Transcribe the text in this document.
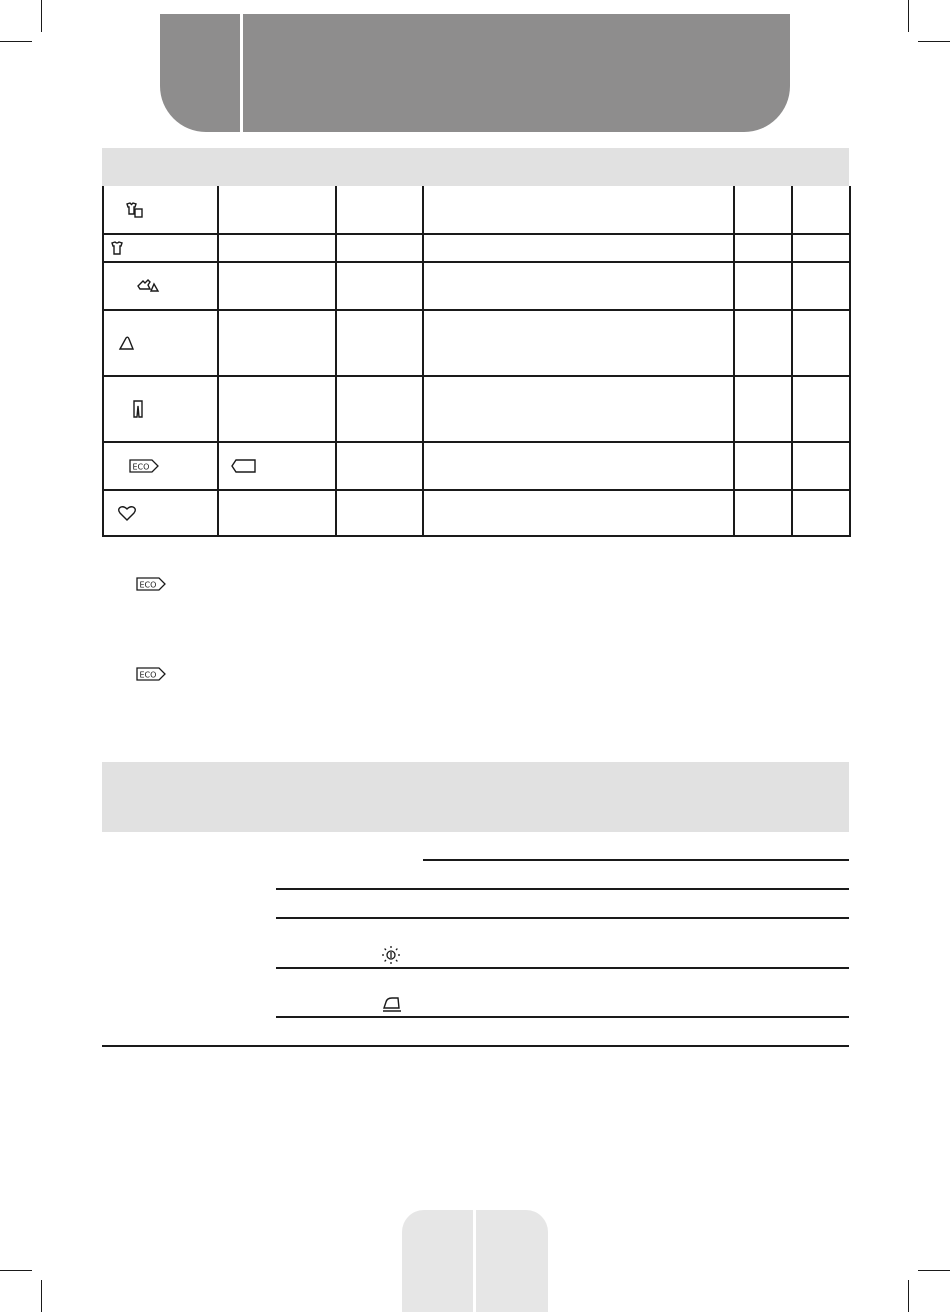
ECO

ECO
ECO
